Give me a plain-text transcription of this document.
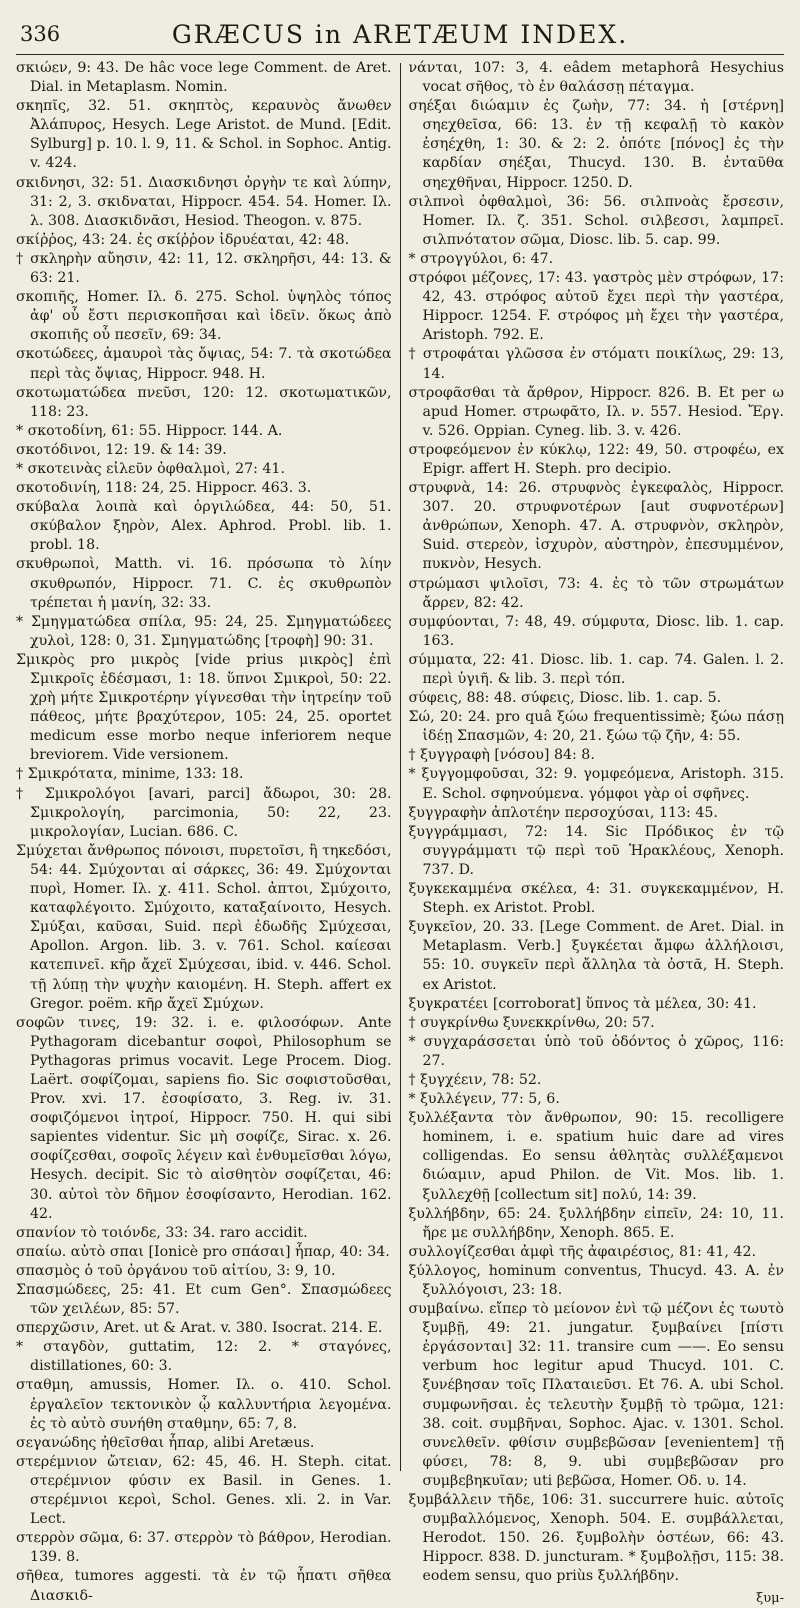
336	GRÆCUS in ARETÆUM INDEX.

σκιώεν, 9: 43. De hâc voce lege Comment. de Aret. Dial. in Metaplasm. Nomin.

σκηπῖς, 32. 51. σκηπτὸς, κεραυνὸς ἄνωθεν Ἀλάπυρος, Hesych. Lege Aristot. de Mund. [Edit. Sylburg] p. 10. l. 9, 11. & Schol. in Sophoc. Antig. v. 424.

σκιδνησι, 32: 51. Διασκιδνησι ὀργὴν τε καὶ λύπην, 31: 2, 3. σκιδναται, Hippocr. 454. 54. Homer. Ιλ. λ. 308. Διασκιδνᾶσι, Hesiod. Theogon. v. 875.

σκίῤῥος, 43: 24. ἐς σκίῤῥον ἰδρυέαται, 42: 48.

† σκληρὴν αὔησιν, 42: 11, 12. σκληρῆσι, 44: 13. & 63: 21.

σκοπιῆς, Homer. Ιλ. δ. 275. Schol. ὑψηλὸς τόπος ἀφ' οὗ ἔστι περισκοπῆσαι καὶ ἰδεῖν. ὅκως ἀπὸ σκοπιῆς οὗ πεσεῖν, 69: 34.

σκοτώδεες, ἀμαυροὶ τὰς ὄψιας, 54: 7. τὰ σκοτώδεα περὶ τὰς ὄψιας, Hippocr. 948. H.

σκοτωματώδεα πνεῦσι, 120: 12. σκοτωματικῶν, 118: 23.

* σκοτοδίνη, 61: 55. Hippocr. 144. A.

σκοτόδινοι, 12: 19. & 14: 39.

* σκοτεινὰς εἰλεῦν ὀφθαλμοὶ, 27: 41.

σκοτοδινίη, 118: 24, 25. Hippocr. 463. 3.

σκύβαλα λοιπὰ καὶ ὀργιλώδεα, 44: 50, 51. σκύβαλον ξηρὸν, Alex. Aphrod. Probl. lib. 1. probl. 18.

σκυθρωποὶ, Matth. vi. 16. πρόσωπα τὸ λίην σκυθρωπόν, Hippocr. 71. C. ἐς σκυθρωπὸν τρέπεται ἡ μανίη, 32: 33.

* Σμηγματώδεα σπίλα, 95: 24, 25. Σμηγματώδεες χυλοὶ, 128: 0, 31. Σμηγματώδης [τροφὴ] 90: 31.

Σμικρὸς pro μικρὸς [vide prius μικρὸς] ἐπὶ Σμικροῖς ἐδέσμασι, 1: 18. ὕπνοι Σμικροὶ, 50: 22. χρὴ μήτε Σμικροτέρην γίγνεσθαι τὴν ἰητρείην τοῦ πάθεος, μήτε βραχύτερον, 105: 24, 25. oportet medicum esse morbo neque inferiorem neque breviorem. Vide versionem.

† Σμικρότατα, minime, 133: 18.

† Σμικρολόγοι [avari, parci] ἄδωροι, 30: 28. Σμικρολογίη, parcimonia, 50: 22, 23. μικρολογίαν, Lucian. 686. C.

Σμύχεται ἄνθρωπος πόνοισι, πυρετοῖσι, ἢ τηκεδόσι, 54: 44. Σμύχονται αἱ σάρκες, 36: 49. Σμύχονται πυρὶ, Homer. Ιλ. χ. 411. Schol. ἀπτοι, Σμύχοιτο, καταφλέγοιτο. Σμύχοιτο, καταξαίνοιτο, Hesych. Σμύξαι, καῦσαι, Suid. περὶ ἐδωδῆς Σμύχεσαι, Apollon. Argon. lib. 3. v. 761. Schol. καίεσαι κατεπινεῖ. κῆρ ἄχεϊ Σμύχεσαι, ibid. v. 446. Schol. τῇ λύπῃ τὴν ψυχὴν καιομένη. H. Steph. affert ex Gregor. poëm. κῆρ ἄχεϊ Σμύχων.

σοφῶν τινες, 19: 32. i. e. φιλοσόφων. Ante Pythagoram dicebantur σοφοὶ, Philosophum se Pythagoras primus vocavit. Lege Procem. Diog. Laërt. σοφίζομαι, sapiens fio. Sic σοφιστοῦσθαι, Prov. xvi. 17. ἐσοφίσατο, 3. Reg. iv. 31. σοφιζόμενοι ἰητροί, Hippocr. 750. H. qui sibi sapientes videntur. Sic μὴ σοφίζε, Sirac. x. 26. σοφίζεσθαι, σοφοῖς λέγειν καὶ ἐνθυμεῖσθαι λόγω, Hesych. decipit. Sic τὸ αἰσθητὸν σοφίζεται, 46: 30. αὐτοὶ τὸν δῆμον ἐσοφίσαντο, Herodian. 162. 42.

σπανίον τὸ τοιόνδε, 33: 34. raro accidit.

σπαίω. αὐτὸ σπαι [Ionicè pro σπάσαι] ἧπαρ, 40: 34.

σπασμὸς ὁ τοῦ ὀργάνου τοῦ αἰτίου, 3: 9, 10.

Σπασμώδεες, 25: 41. Et cum Gen°. Σπασμώδεες τῶν χειλέων, 85: 57.

σπερχῶσιν, Aret. ut & Arat. v. 380. Isocrat. 214. E.

* σταγδὸν, guttatim, 12: 2. * σταγόνες, distillationes, 60: 3.

σταθμη, amussis, Homer. Ιλ. ο. 410. Schol. ἐργαλεῖον τεκτονικὸν ᾧ καλλυντήρια λεγομένα. ἐς τὸ αὐτὸ συνήθη σταθμην, 65: 7, 8.

σεγανώδης ἠθεῖσθαι ἧπαρ, alibi Aretæus.

στερέμνιον ὤτειαν, 62: 45, 46. H. Steph. citat. στερέμνιον φύσιν ex Basil. in Genes. 1. στερέμνιοι κεροὶ, Schol. Genes. xli. 2. in Var. Lect.

στερρὸν σῶμα, 6: 37. στερρὸν τὸ βάθρον, Herodian. 139. 8.

σῆθεα, tumores aggesti. τὰ ἐν τῷ ἧπατι σῆθεα Διασκιδ-

νάνται, 107: 3, 4. eâdem metaphorâ Hesychius vocat σῆθος, τὸ ἐν θαλάσσῃ πέταγμα.

σηέξαι διώαμιν ἐς ζωὴν, 77: 34. ἡ [στέρνη] σηεχθεῖσα, 66: 13. ἐν τῇ κεφαλῇ τὸ κακὸν ἐσηέχθη, 1: 30. & 2: 2. ὁπότε [πόνος] ἐς τὴν καρδίαν σηέξαι, Thucyd. 130. B. ἐνταῦθα σηεχθῆναι, Hippocr. 1250. D.

σιλπνοὶ ὀφθαλμοὶ, 36: 56. σιλπνοὰς ἔρσεσιν, Homer. Ιλ. ζ. 351. Schol. σιλβεσσι, λαμπρεῖ. σιλπνότατον σῶμα, Diosc. lib. 5. cap. 99.

* στρογγύλοι, 6: 47.

στρόφοι μέζονες, 17: 43. γαστρὸς μὲν στρόφων, 17: 42, 43. στρόφος αὐτοῦ ἔχει περὶ τὴν γαστέρα, Hippocr. 1254. F. στρόφος μὴ ἔχει τὴν γαστέρα, Aristoph. 792. E.

† στροφάται γλῶσσα ἐν στόματι ποικίλως, 29: 13, 14.

στροφᾶσθαι τὰ ἄρθρον, Hippocr. 826. B. Et per ω apud Homer. στρωφᾶτο, Ιλ. ν. 557. Hesiod. Ἔργ. v. 526. Oppian. Cyneg. lib. 3. v. 426.

στροφεόμενον ἐν κύκλῳ, 122: 49, 50. στροφέω, ex Epigr. affert H. Steph. pro decipio.

στρυφνὰ, 14: 26. στρυφνὸς ἐγκεφαλὸς, Hippocr. 307. 20. στρυφνοτέρων [aut συφνοτέρων] ἀνθρώπων, Xenoph. 47. A. στρυφνὸν, σκληρὸν, Suid. στερεὸν, ἰσχυρὸν, αὐστηρὸν, ἐπεσυμμένον, πυκνὸν, Hesych.

στρώμασι ψιλοῖσι, 73: 4. ἐς τὸ τῶν στρωμάτων ἄρρεν, 82: 42.

συμφύονται, 7: 48, 49. σύμφυτα, Diosc. lib. 1. cap. 163.

σύμματα, 22: 41. Diosc. lib. 1. cap. 74. Galen. l. 2. περὶ ὑγιῆ. & lib. 3. περὶ τόπ.

σύφεις, 88: 48. σύφεις, Diosc. lib. 1. cap. 5.

Σώ, 20: 24. pro quâ ξώω frequentissimè; ξώω πάσῃ ἰδέῃ Σπασμῶν, 4: 20, 21. ξώω τῷ ζῆν, 4: 55.

† ξυγγραφὴ [νόσου] 84: 8.

* ξυγγομφοῦσαι, 32: 9. γομφεόμενα, Aristoph. 315. E. Schol. σφηνούμενα. γόμφοι γὰρ οἱ σφῆνες.

ξυγγραφὴν ἀπλοτέην περσοχύσαι, 113: 45.

ξυγγράμμασι, 72: 14. Sic Πρόδικος ἐν τῷ συγγράμματι τῷ περὶ τοῦ Ἡρακλέους, Xenoph. 737. D.

ξυγκεκαμμένα σκέλεα, 4: 31. συγκεκαμμένον, H. Steph. ex Aristot. Probl.

ξυγκεῖον, 20. 33. [Lege Comment. de Aret. Dial. in Metaplasm. Verb.] ξυγκέεται ἄμφω ἀλλήλοισι, 55: 10. συγκεῖν περὶ ἄλληλα τὰ ὀστᾶ, H. Steph. ex Aristot.

ξυγκρατέει [corroborat] ὕπνος τὰ μέλεα, 30: 41.

† συγκρίνθω ξυνεκκρίνθω, 20: 57.

* συγχαράσσεται ὑπὸ τοῦ ὀδόντος ὁ χῶρος, 116: 27.

† ξυγχέειν, 78: 52.

* ξυλλέγειν, 77: 5, 6.

ξυλλέξαντα τὸν ἄνθρωπον, 90: 15. recolligere hominem, i. e. spatium huic dare ad vires colligendas. Eo sensu ἀθλητὰς συλλέξαμενοι διώαμιν, apud Philon. de Vit. Mos. lib. 1. ξυλλεχθῇ [collectum sit] πολύ, 14: 39.

ξυλλήβδην, 65: 24. ξυλλήβδην εἰπεῖν, 24: 10, 11. ἤρε με συλλήβδην, Xenoph. 865. E.

συλλογίζεσθαι ἀμφὶ τῆς ἀφαιρέσιος, 81: 41, 42.

ξύλλογος, hominum conventus, Thucyd. 43. A. ἐν ξυλλόγοισι, 23: 18.

συμβαίνω. εἴπερ τὸ μείονον ἐνὶ τῷ μέζονι ἐς τωυτὸ ξυμβῇ, 49: 21. jungatur. ξυμβαίνει [πίστι ἐργάσονται] 32: 11. transire cum ——. Eo sensu verbum hoc legitur apud Thucyd. 101. C. ξυνέβησαν τοῖς Πλαταιεῦσι. Et 76. A. ubi Schol. συμφωνῆσαι. ἐς τελευτὴν ξυμβῇ τὸ τρῶμα, 121: 38. coit. συμβῆναι, Sophoc. Ajac. v. 1301. Schol. συνελθεῖν. φθίσιν συμβεβῶσαν [evenientem] τῇ φύσει, 78: 8, 9. ubi συμβεβῶσαν pro συμβεβηκυῖαν; uti βεβῶσα, Homer. Οδ. υ. 14.

ξυμβάλλειν τῆδε, 106: 31. succurrere huic. αὐτοῖς συμβαλλόμενος, Xenoph. 504. E. συμβάλλεται, Herodot. 150. 26. ξυμβολὴν ὀστέων, 66: 43. Hippocr. 838. D. juncturam. * ξυμβολῇσι, 115: 38. eodem sensu, quo priùs ξυλλήβδην.

ξυμ-
